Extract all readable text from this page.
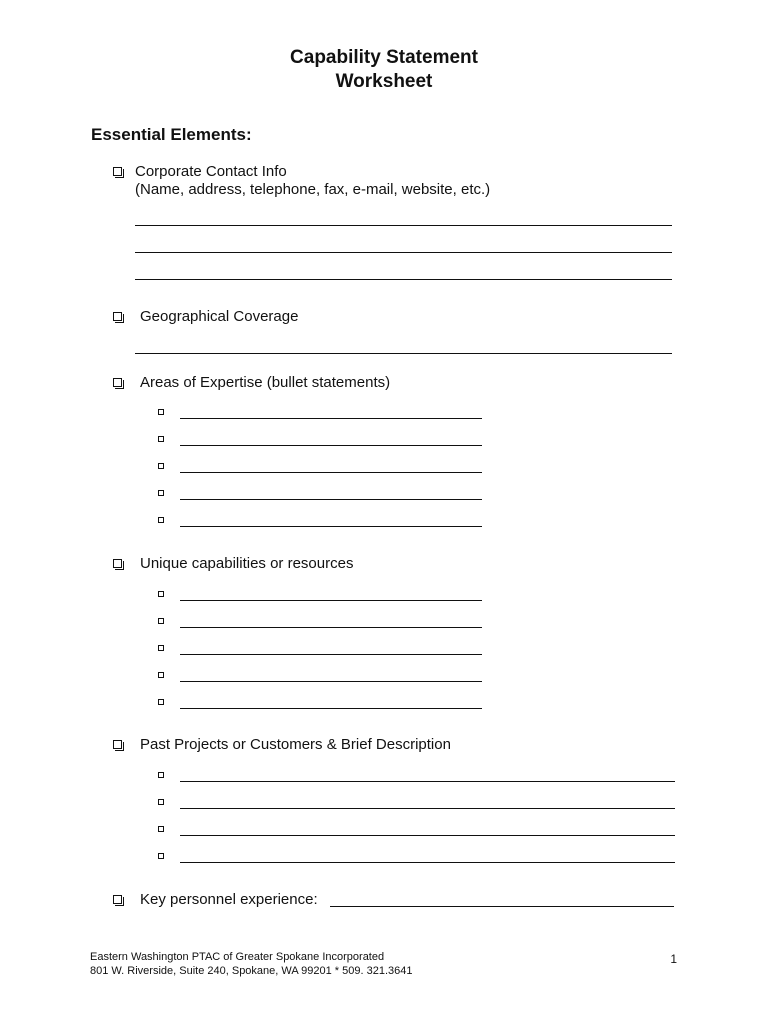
Capability Statement
Worksheet
Essential Elements:
Corporate Contact Info
(Name, address, telephone, fax, e-mail, website, etc.)
Geographical Coverage
Areas of Expertise (bullet statements)
Unique capabilities or resources
Past Projects or Customers & Brief Description
Key personnel experience:
Eastern Washington PTAC of Greater Spokane Incorporated
801 W. Riverside, Suite 240, Spokane, WA 99201 * 509. 321.3641
1
